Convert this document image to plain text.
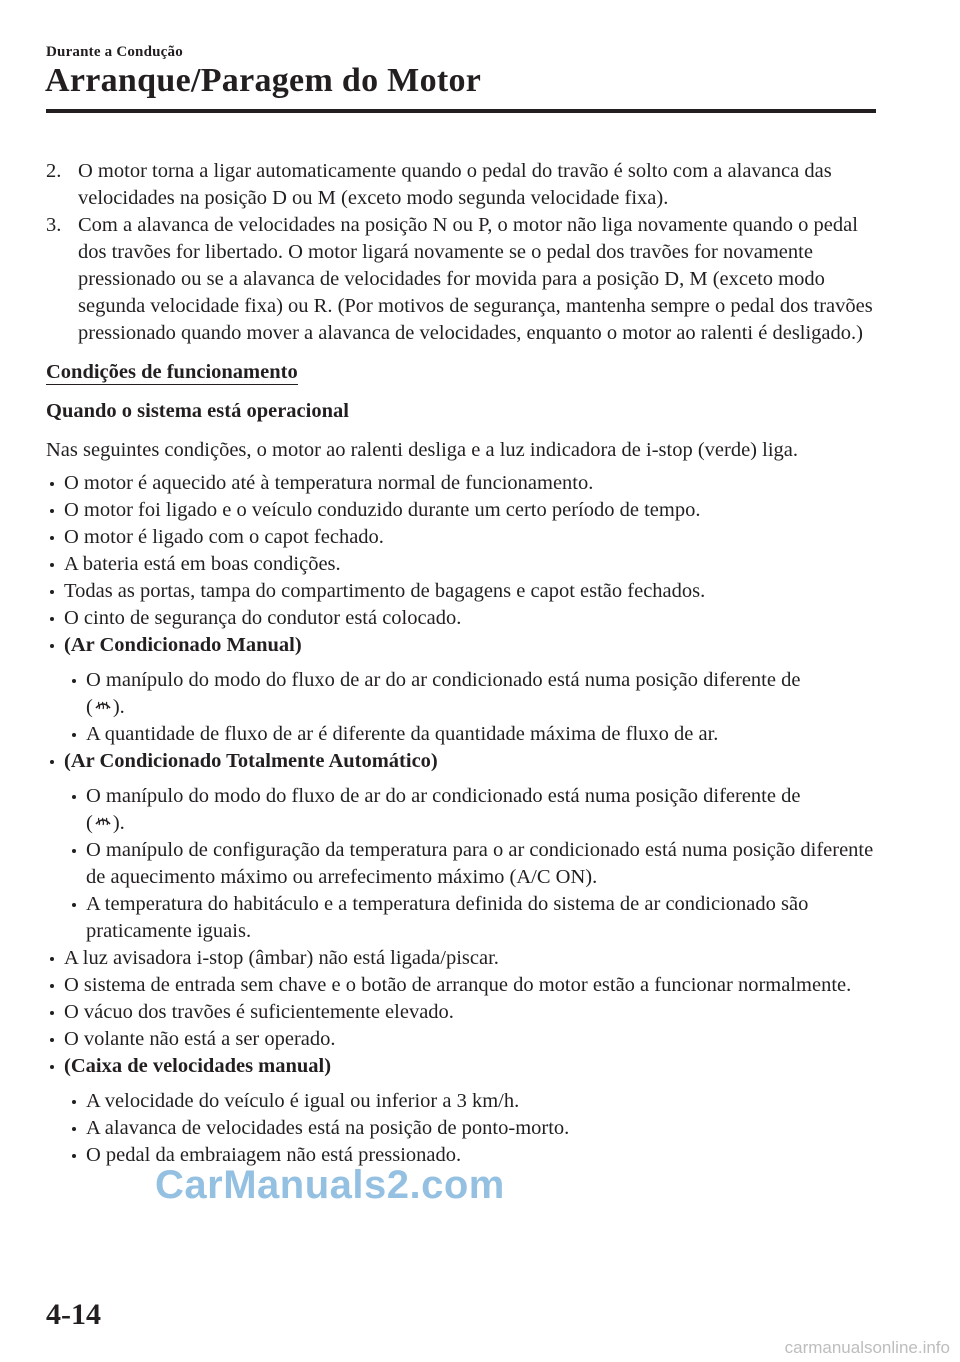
Durante a Condução
Arranque/Paragem do Motor
2. O motor torna a ligar automaticamente quando o pedal do travão é solto com a alavanca das velocidades na posição D ou M (exceto modo segunda velocidade fixa).
3. Com a alavanca de velocidades na posição N ou P, o motor não liga novamente quando o pedal dos travões for libertado. O motor ligará novamente se o pedal dos travões for novamente pressionado ou se a alavanca de velocidades for movida para a posição D, M (exceto modo segunda velocidade fixa) ou R. (Por motivos de segurança, mantenha sempre o pedal dos travões pressionado quando mover a alavanca de velocidades, enquanto o motor ao ralenti é desligado.)
Condições de funcionamento
Quando o sistema está operacional
Nas seguintes condições, o motor ao ralenti desliga e a luz indicadora de i-stop (verde) liga.
O motor é aquecido até à temperatura normal de funcionamento.
O motor foi ligado e o veículo conduzido durante um certo período de tempo.
O motor é ligado com o capot fechado.
A bateria está em boas condições.
Todas as portas, tampa do compartimento de bagagens e capot estão fechados.
O cinto de segurança do condutor está colocado.
(Ar Condicionado Manual)
O manípulo do modo do fluxo de ar do ar condicionado está numa posição diferente de
( ).
A quantidade de fluxo de ar é diferente da quantidade máxima de fluxo de ar.
(Ar Condicionado Totalmente Automático)
O manípulo do modo do fluxo de ar do ar condicionado está numa posição diferente de
( ).
O manípulo de configuração da temperatura para o ar condicionado está numa posição diferente de aquecimento máximo ou arrefecimento máximo (A/C ON).
A temperatura do habitáculo e a temperatura definida do sistema de ar condicionado são praticamente iguais.
A luz avisadora i-stop (âmbar) não está ligada/piscar.
O sistema de entrada sem chave e o botão de arranque do motor estão a funcionar normalmente.
O vácuo dos travões é suficientemente elevado.
O volante não está a ser operado.
(Caixa de velocidades manual)
A velocidade do veículo é igual ou inferior a 3 km/h.
A alavanca de velocidades está na posição de ponto-morto.
O pedal da embraiagem não está pressionado.
CarManuals2.com
4-14
carmanualsonline.info
